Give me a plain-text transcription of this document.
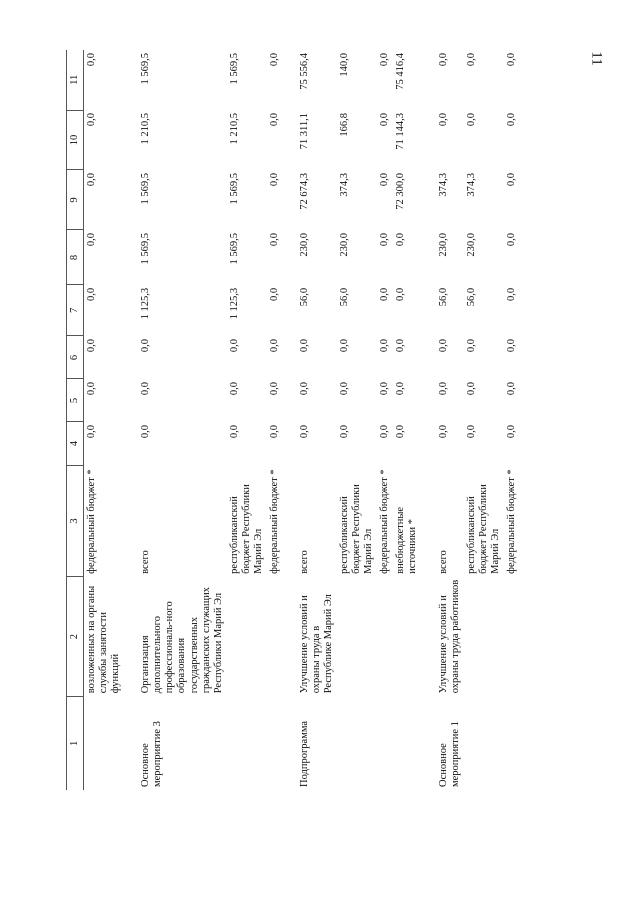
11
1	2	3	4	5	6	7	8	9	10	11
	возложенных на органы службы занятости функций	федеральный бюджет *	0,0	0,0	0,0	0,0	0,0	0,0	0,0	0,0
Основное мероприятие 3	Организация дополнительного профессиональ-ного образования государственных гражданских служащих Республики Марий Эл	всего	0,0	0,0	0,0	1 125,3	1 569,5	1 569,5	1 210,5	1 569,5
		республиканский бюджет Республики Марий Эл	0,0	0,0	0,0	1 125,3	1 569,5	1 569,5	1 210,5	1 569,5
		федеральный бюджет *	0,0	0,0	0,0	0,0	0,0	0,0	0,0	0,0
Подпрограмма	Улучшение условий и охраны труда в Республике Марий Эл	всего	0,0	0,0	0,0	56,0	230,0	72 674,3	71 311,1	75 556,4
		республиканский бюджет Республики Марий Эл	0,0	0,0	0,0	56,0	230,0	374,3	166,8	140,0
		федеральный бюджет *	0,0	0,0	0,0	0,0	0,0	0,0	0,0	0,0
		внебюджетные источники *	0,0	0,0	0,0	0,0	0,0	72 300,0	71 144,3	75 416,4
Основное мероприятие 1	Улучшение условий и охраны труда работников	всего	0,0	0,0	0,0	56,0	230,0	374,3	0,0	0,0
		республиканский бюджет Республики Марий Эл	0,0	0,0	0,0	56,0	230,0	374,3	0,0	0,0
		федеральный бюджет *	0,0	0,0	0,0	0,0	0,0	0,0	0,0	0,0
